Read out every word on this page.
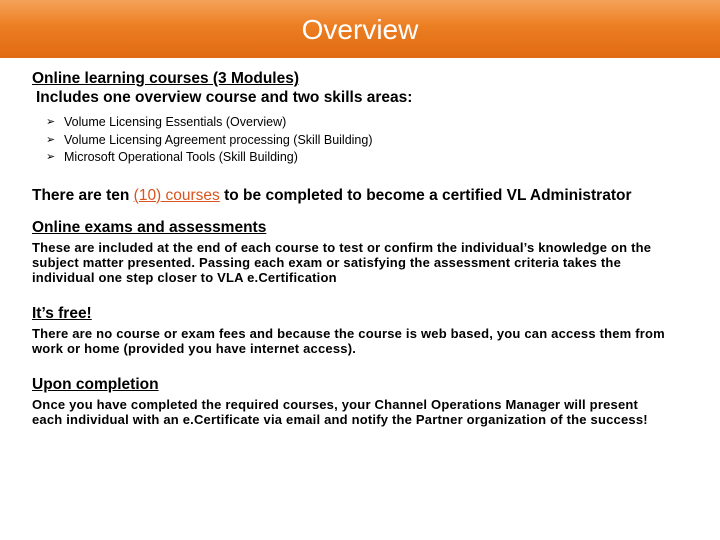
Overview
Online learning courses (3 Modules)
Includes one overview course and two skills areas:
➢ Volume Licensing Essentials (Overview)
➢ Volume Licensing Agreement processing (Skill Building)
➢ Microsoft Operational Tools (Skill Building)
There are ten (10) courses to be completed to become a certified VL Administrator
Online exams and assessments
These are included at the end of each course to test or confirm the individual’s knowledge on the subject matter presented. Passing each exam or satisfying the assessment criteria takes the individual one step closer to VLA e.Certification
It’s free!
There are no course or exam fees and because the course is web based, you can access them from work or home (provided you have internet access).
Upon completion
Once you have completed the required courses, your Channel Operations Manager will present each individual with an e.Certificate via email and notify the Partner organization of the success!
